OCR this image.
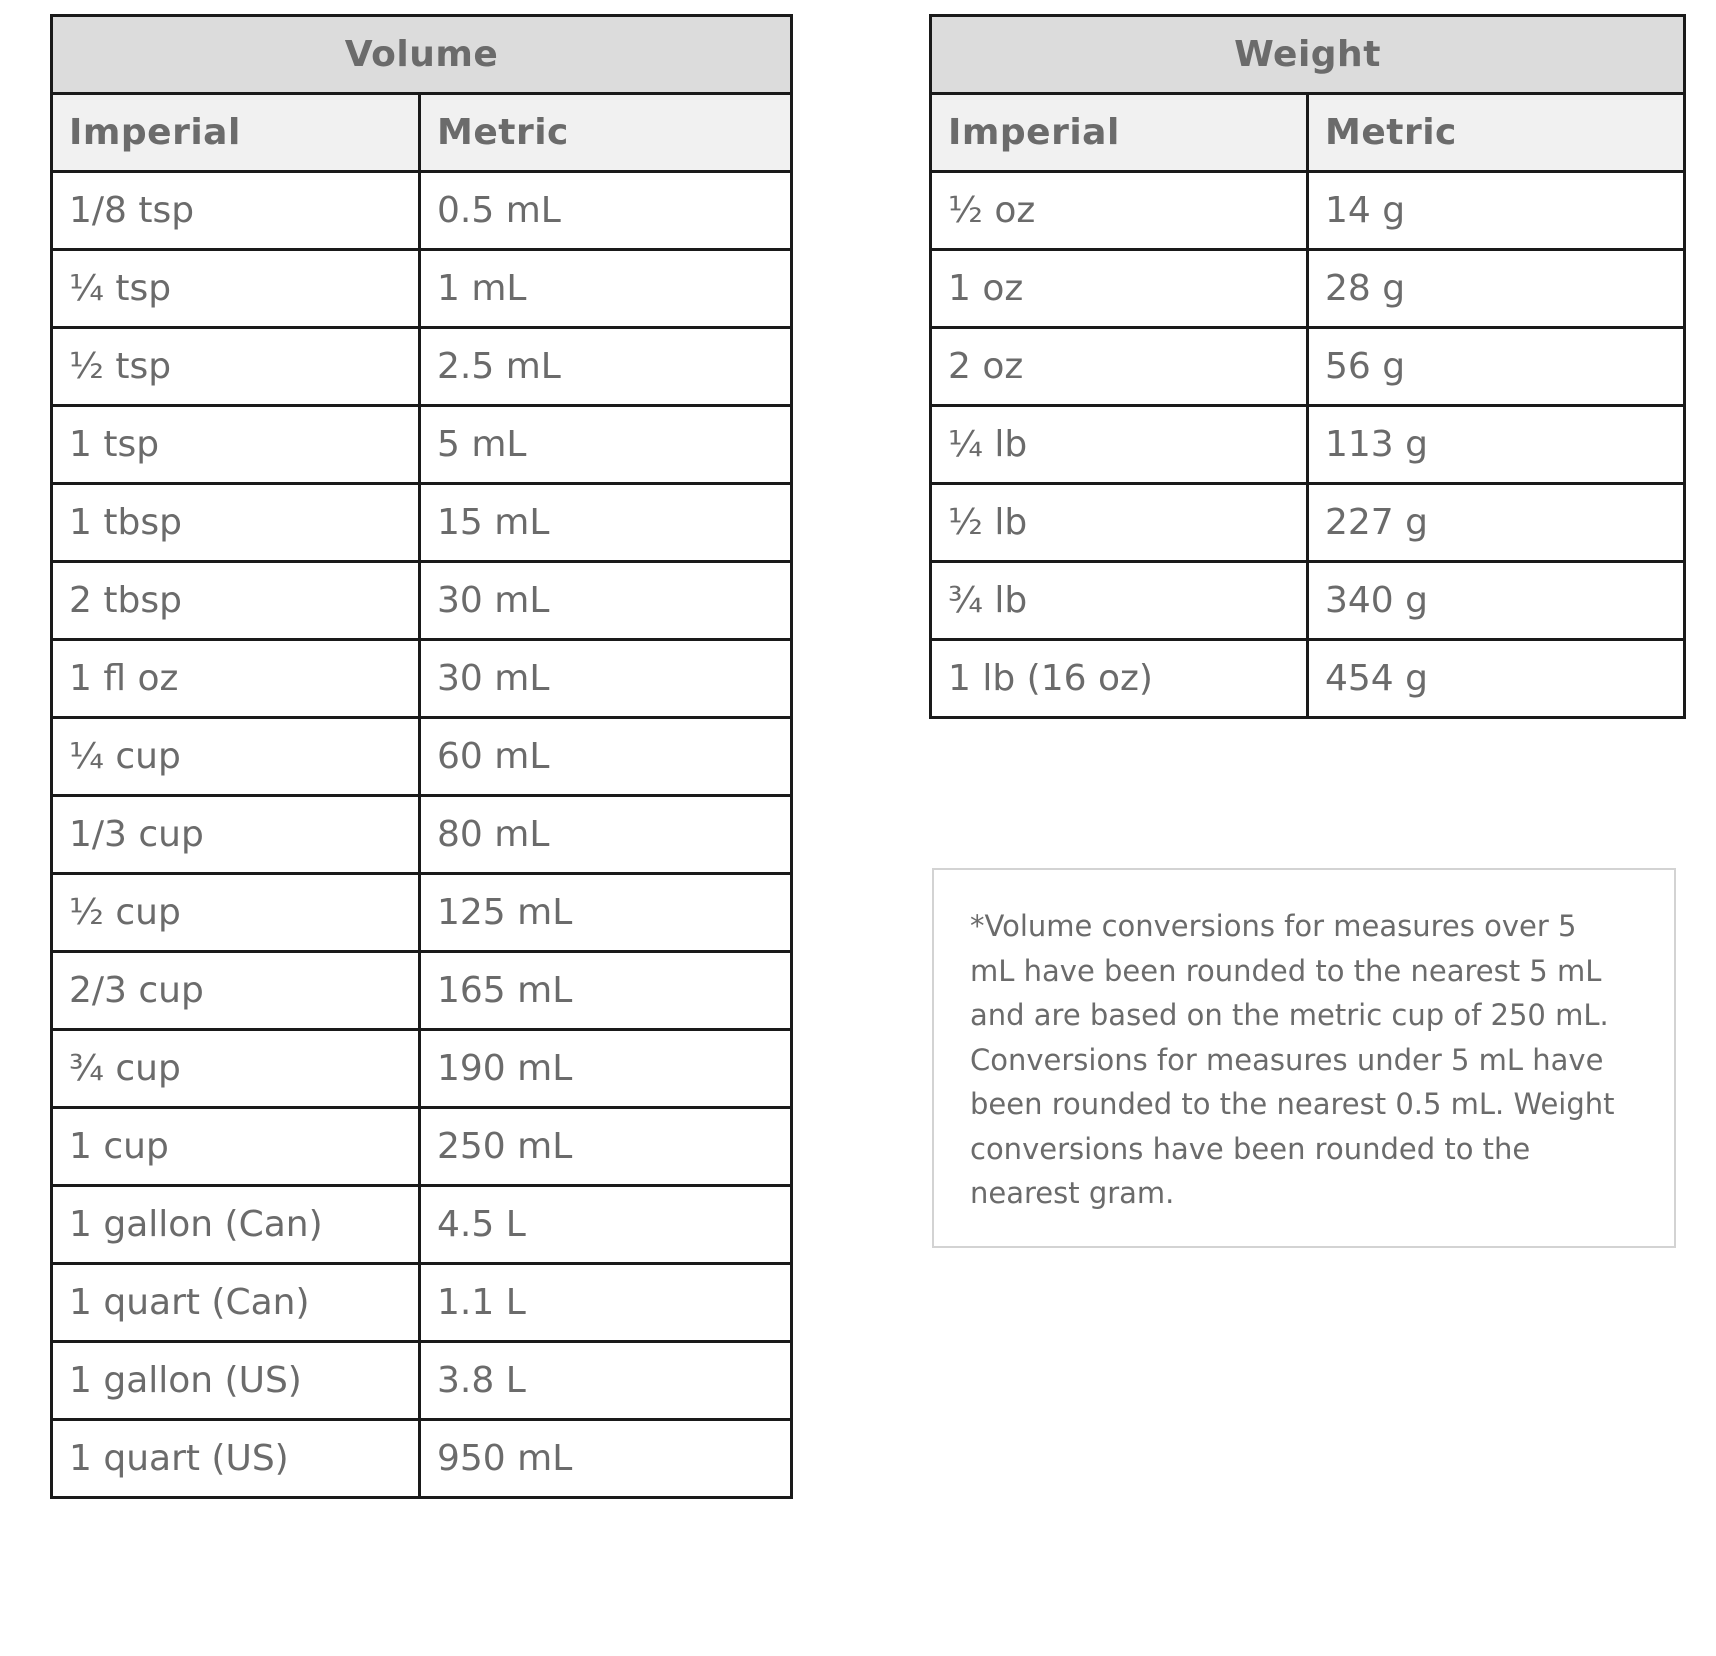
Volume	
Imperial	Metric
1/8 tsp	0.5 mL
¼ tsp	1 mL
½ tsp	2.5 mL
1 tsp	5 mL
1 tbsp	15 mL
2 tbsp	30 mL
1 fl oz	30 mL
¼ cup	60 mL
1/3 cup	80 mL
½ cup	125 mL
2/3 cup	165 mL
¾ cup	190 mL
1 cup	250 mL
1 gallon (Can)	4.5 L
1 quart (Can)	1.1 L
1 gallon (US)	3.8 L
1 quart (US)	950 mL
Weight	
Imperial	Metric
½ oz	14 g
1 oz	28 g
2 oz	56 g
¼ lb	113 g
½ lb	227 g
¾ lb	340 g
1 lb (16 oz)	454 g
*Volume conversions for measures over 5
mL have been rounded to the nearest 5 mL
and are based on the metric cup of 250 mL.
Conversions for measures under 5 mL have
been rounded to the nearest 0.5 mL. Weight
conversions have been rounded to the
nearest gram.
